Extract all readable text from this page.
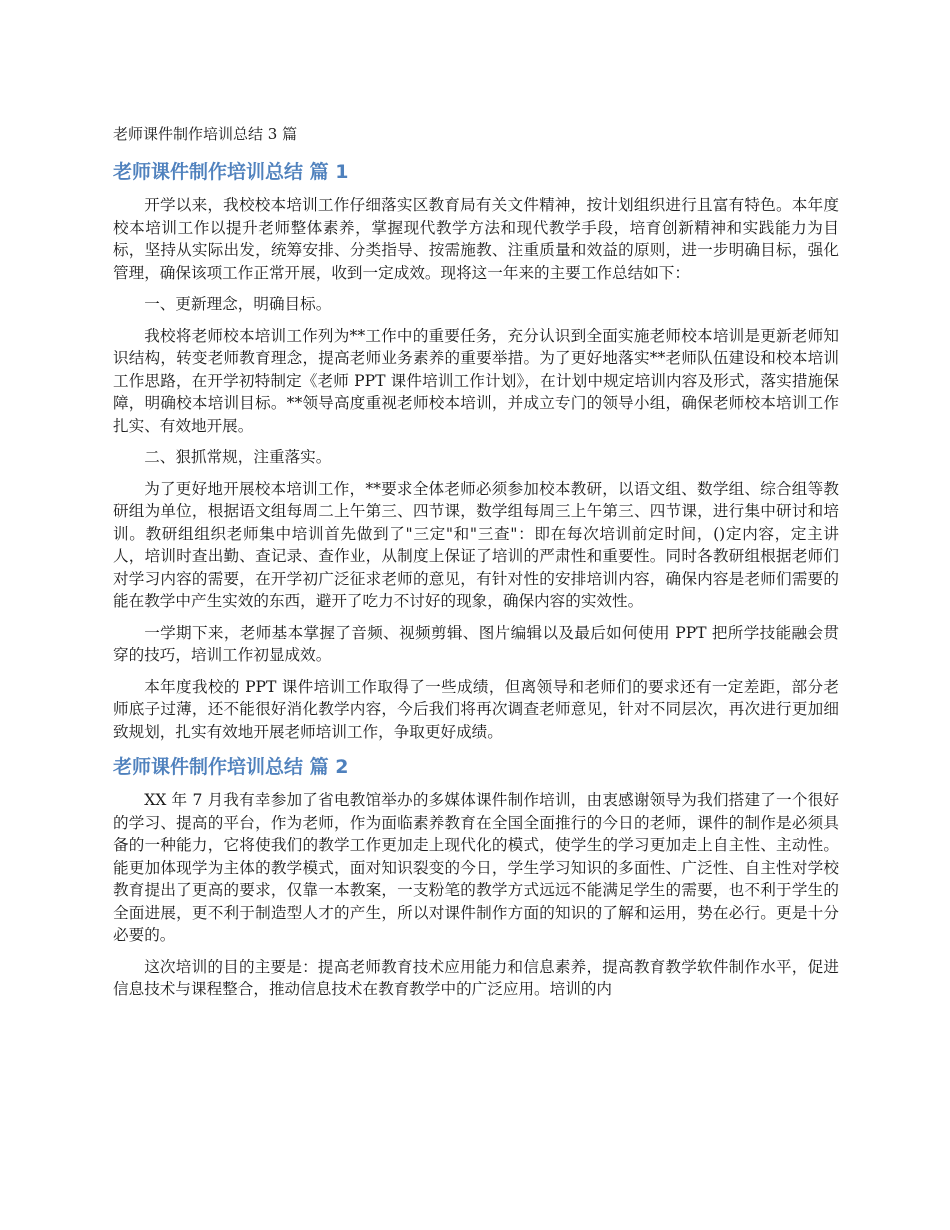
老师课件制作培训总结 3 篇
老师课件制作培训总结 篇 1

开学以来，我校校本培训工作仔细落实区教育局有关文件精神，按计划组织进行且富有特色。本年度校本培训工作以提升老师整体素养，掌握现代教学方法和现代教学手段，培育创新精神和实践能力为目标，坚持从实际出发，统筹安排、分类指导、按需施教、注重质量和效益的原则，进一步明确目标，强化管理，确保该项工作正常开展，收到一定成效。现将这一年来的主要工作总结如下：

一、更新理念，明确目标。

我校将老师校本培训工作列为**工作中的重要任务，充分认识到全面实施老师校本培训是更新老师知识结构，转变老师教育理念，提高老师业务素养的重要举措。为了更好地落实**老师队伍建设和校本培训工作思路，在开学初特制定《老师 PPT 课件培训工作计划》，在计划中规定培训内容及形式，落实措施保障，明确校本培训目标。**领导高度重视老师校本培训，并成立专门的领导小组，确保老师校本培训工作扎实、有效地开展。

二、狠抓常规，注重落实。

为了更好地开展校本培训工作，**要求全体老师必须参加校本教研，以语文组、数学组、综合组等教研组为单位，根据语文组每周二上午第三、四节课，数学组每周三上午第三、四节课，进行集中研讨和培训。教研组组织老师集中培训首先做到了"三定"和"三查"：即在每次培训前定时间，()定内容，定主讲人，培训时查出勤、查记录、查作业，从制度上保证了培训的严肃性和重要性。同时各教研组根据老师们对学习内容的需要，在开学初广泛征求老师的意见，有针对性的安排培训内容，确保内容是老师们需要的能在教学中产生实效的东西，避开了吃力不讨好的现象，确保内容的实效性。

一学期下来，老师基本掌握了音频、视频剪辑、图片编辑以及最后如何使用 PPT 把所学技能融会贯穿的技巧，培训工作初显成效。

本年度我校的 PPT 课件培训工作取得了一些成绩，但离领导和老师们的要求还有一定差距，部分老师底子过薄，还不能很好消化教学内容，今后我们将再次调查老师意见，针对不同层次，再次进行更加细致规划，扎实有效地开展老师培训工作，争取更好成绩。

老师课件制作培训总结 篇 2

XX 年 7 月我有幸参加了省电教馆举办的多媒体课件制作培训，由衷感谢领导为我们搭建了一个很好的学习、提高的平台，作为老师，作为面临素养教育在全国全面推行的今日的老师，课件的制作是必须具备的一种能力，它将使我们的教学工作更加走上现代化的模式，使学生的学习更加走上自主性、主动性。能更加体现学为主体的教学模式，面对知识裂变的今日，学生学习知识的多面性、广泛性、自主性对学校教育提出了更高的要求，仅靠一本教案，一支粉笔的教学方式远远不能满足学生的需要，也不利于学生的全面进展，更不利于制造型人才的产生，所以对课件制作方面的知识的了解和运用，势在必行。更是十分必要的。

这次培训的目的主要是：提高老师教育技术应用能力和信息素养，提高教育教学软件制作水平，促进信息技术与课程整合，推动信息技术在教育教学中的广泛应用。培训的内
